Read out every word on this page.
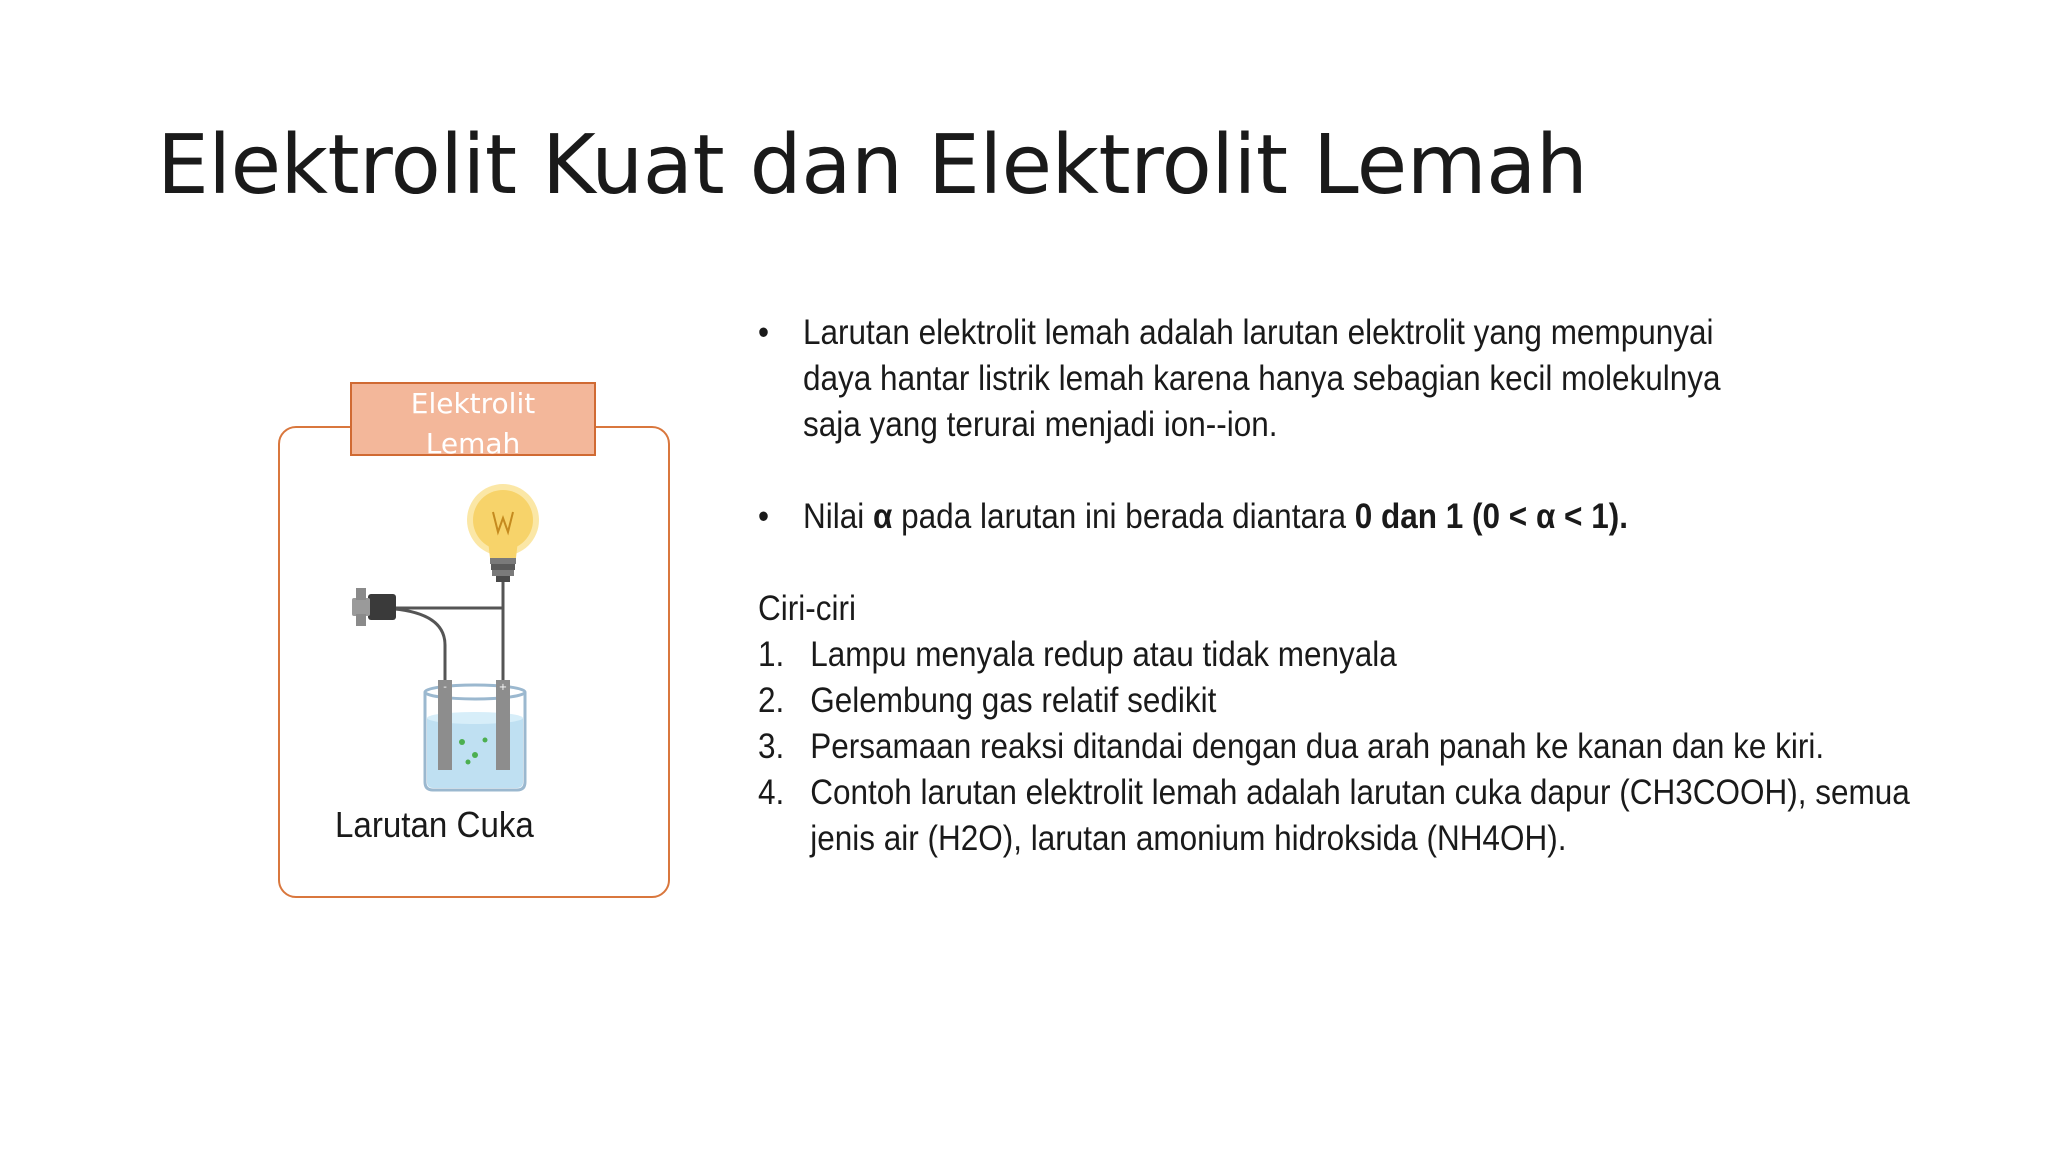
Elektrolit Kuat dan Elektrolit Lemah
Elektrolit
Lemah
-	+
Larutan Cuka
• Larutan elektrolit lemah adalah larutan elektrolit yang mempunyai daya hantar listrik lemah karena hanya sebagian kecil molekulnya saja yang terurai menjadi ion--ion.
• Nilai α pada larutan ini berada diantara 0 dan 1 (0 < α < 1).
Ciri-ciri
1. Lampu menyala redup atau tidak menyala
2. Gelembung gas relatif sedikit
3. Persamaan reaksi ditandai dengan dua arah panah ke kanan dan ke kiri.
4. Contoh larutan elektrolit lemah adalah larutan cuka dapur (CH3COOH), semua jenis air (H2O), larutan amonium hidroksida (NH4OH).
